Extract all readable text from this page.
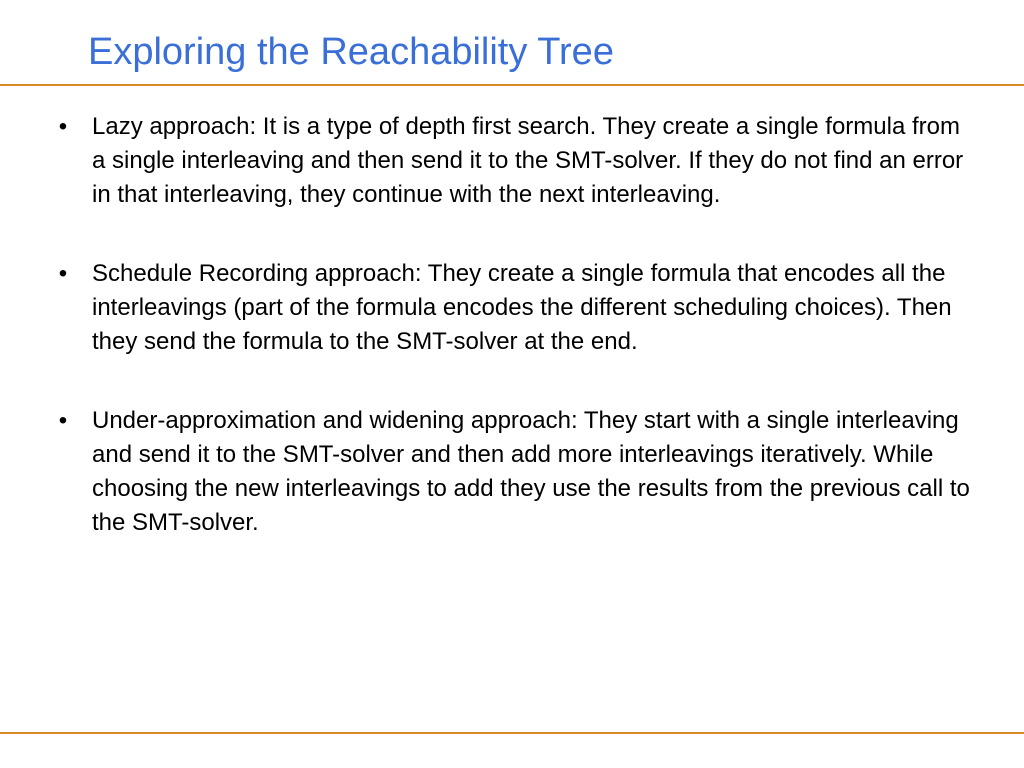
Exploring the Reachability Tree
• Lazy approach: It is a type of depth first search. They create a single formula from a single interleaving and then send it to the SMT-solver. If they do not find an error in that interleaving, they continue with the next interleaving.
• Schedule Recording approach: They create a single formula that encodes all the interleavings (part of the formula encodes the different scheduling choices). Then they send the formula to the SMT-solver at the end.
• Under-approximation and widening approach: They start with a single interleaving and send it to the SMT-solver and then add more interleavings iteratively. While choosing the new interleavings to add they use the results from the previous call to the SMT-solver.
